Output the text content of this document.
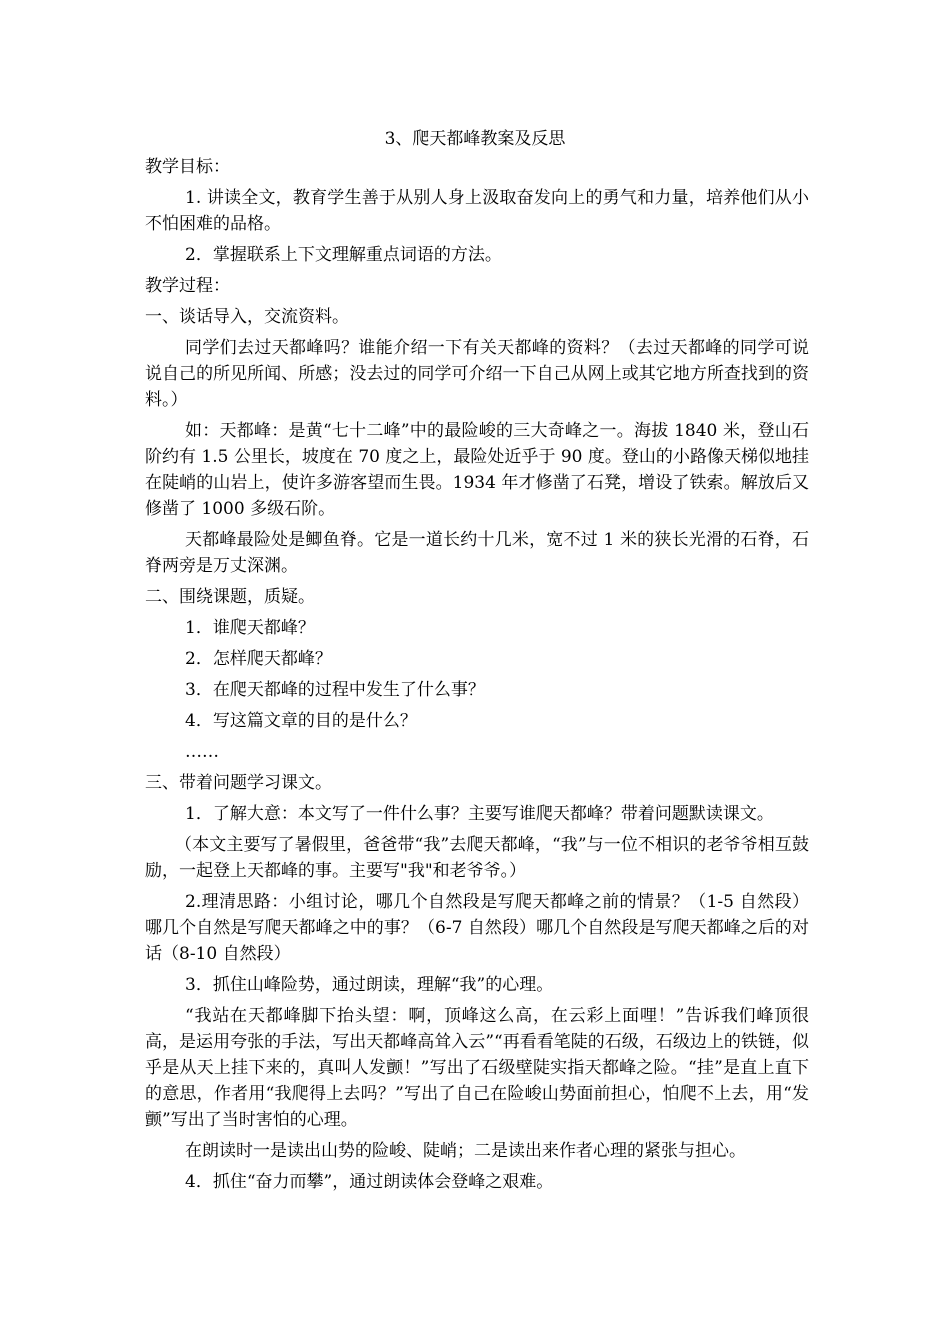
3、爬天都峰教案及反思

教学目标：

1. 讲读全文，教育学生善于从别人身上汲取奋发向上的勇气和力量，培养他们从小不怕困难的品格。

2．掌握联系上下文理解重点词语的方法。

教学过程：

一、谈话导入，交流资料。

同学们去过天都峰吗？谁能介绍一下有关天都峰的资料？（去过天都峰的同学可说说自己的所见所闻、所感；没去过的同学可介绍一下自己从网上或其它地方所查找到的资料。）

如：天都峰：是黄“七十二峰”中的最险峻的三大奇峰之一。海拔 1840 米，登山石阶约有 1.5 公里长，坡度在 70 度之上，最险处近乎于 90 度。登山的小路像天梯似地挂在陡峭的山岩上，使许多游客望而生畏。1934 年才修凿了石凳，增设了铁索。解放后又修凿了 1000 多级石阶。

天都峰最险处是鲫鱼脊。它是一道长约十几米，宽不过 1 米的狭长光滑的石脊，石脊两旁是万丈深渊。

二、围绕课题，质疑。

1．谁爬天都峰？

2．怎样爬天都峰？

3．在爬天都峰的过程中发生了什么事？

4．写这篇文章的目的是什么？

……

三、带着问题学习课文。

1．了解大意：本文写了一件什么事？主要写谁爬天都峰？带着问题默读课文。

（本文主要写了暑假里，爸爸带“我”去爬天都峰，“我”与一位不相识的老爷爷相互鼓励，一起登上天都峰的事。主要写"我"和老爷爷。）

2.理清思路：小组讨论，哪几个自然段是写爬天都峰之前的情景？（1-5 自然段）哪几个自然是写爬天都峰之中的事？（6-7 自然段）哪几个自然段是写爬天都峰之后的对话（8-10 自然段）

3．抓住山峰险势，通过朗读，理解“我”的心理。

“我站在天都峰脚下抬头望：啊，顶峰这么高，在云彩上面哩！”告诉我们峰顶很高，是运用夸张的手法，写出天都峰高耸入云”“再看看笔陡的石级，石级边上的铁链，似乎是从天上挂下来的，真叫人发颤！”写出了石级壁陡实指天都峰之险。“挂”是直上直下的意思，作者用“我爬得上去吗？”写出了自己在险峻山势面前担心，怕爬不上去，用“发颤”写出了当时害怕的心理。

在朗读时一是读出山势的险峻、陡峭；二是读出来作者心理的紧张与担心。

4．抓住“奋力而攀”，通过朗读体会登峰之艰难。
